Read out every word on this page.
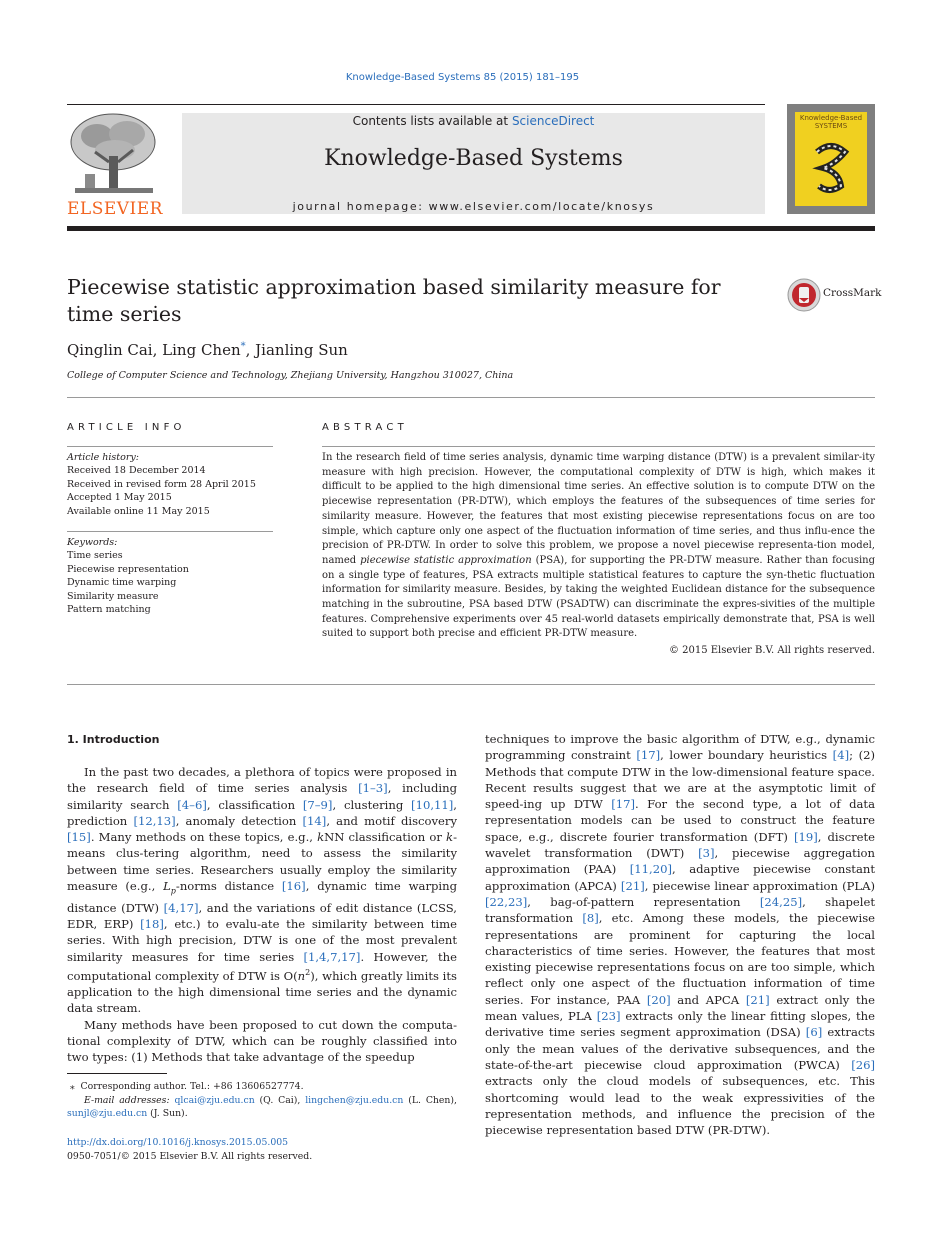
Knowledge-Based Systems 85 (2015) 181–195
ELSEVIER
Contents lists available at ScienceDirect
Knowledge-Based Systems
journal homepage: www.elsevier.com/locate/knosys
Knowledge-Based SYSTEMS
Piecewise statistic approximation based similarity measure for time series
CrossMark
Qinglin Cai, Ling Chen*, Jianling Sun
College of Computer Science and Technology, Zhejiang University, Hangzhou 310027, China
ARTICLE INFO
Article history:
Received 18 December 2014
Received in revised form 28 April 2015
Accepted 1 May 2015
Available online 11 May 2015
Keywords:
Time series
Piecewise representation
Dynamic time warping
Similarity measure
Pattern matching
ABSTRACT
In the research field of time series analysis, dynamic time warping distance (DTW) is a prevalent similar-ity measure with high precision. However, the computational complexity of DTW is high, which makes it difficult to be applied to the high dimensional time series. An effective solution is to compute DTW on the piecewise representation (PR-DTW), which employs the features of the subsequences of time series for similarity measure. However, the features that most existing piecewise representations focus on are too simple, which capture only one aspect of the fluctuation information of time series, and thus influ-ence the precision of PR-DTW. In order to solve this problem, we propose a novel piecewise representa-tion model, named piecewise statistic approximation (PSA), for supporting the PR-DTW measure. Rather than focusing on a single type of features, PSA extracts multiple statistical features to capture the syn-thetic fluctuation information for similarity measure. Besides, by taking the weighted Euclidean distance for the subsequence matching in the subroutine, PSA based DTW (PSADTW) can discriminate the expres-sivities of the multiple features. Comprehensive experiments over 45 real-world datasets empirically demonstrate that, PSA is well suited to support both precise and efficient PR-DTW measure.
© 2015 Elsevier B.V. All rights reserved.
1. Introduction

In the past two decades, a plethora of topics were proposed in the research field of time series analysis [1–3], including similarity search [4–6], classification [7–9], clustering [10,11], prediction [12,13], anomaly detection [14], and motif discovery [15]. Many methods on these topics, e.g., kNN classification or k-means clus-tering algorithm, need to assess the similarity between time series. Researchers usually employ the similarity measure (e.g., $L_p$-norms distance [16], dynamic time warping distance (DTW) [4,17], and the variations of edit distance (LCSS, EDR, ERP) [18], etc.) to evalu-ate the similarity between time series. With high precision, DTW is one of the most prevalent similarity measures for time series [1,4,7,17]. However, the computational complexity of DTW is $O(n^2)$, which greatly limits its application to the high dimensional time series and the dynamic data stream.

Many methods have been proposed to cut down the computa-tional complexity of DTW, which can be roughly classified into two types: (1) Methods that take advantage of the speedup

techniques to improve the basic algorithm of DTW, e.g., dynamic programming constraint [17], lower boundary heuristics [4]; (2) Methods that compute DTW in the low-dimensional feature space. Recent results suggest that we are at the asymptotic limit of speed-ing up DTW [17]. For the second type, a lot of data representation models can be used to construct the feature space, e.g., discrete fourier transformation (DFT) [19], discrete wavelet transformation (DWT) [3], piecewise aggregation approximation (PAA) [11,20], adaptive piecewise constant approximation (APCA) [21], piecewise linear approximation (PLA) [22,23], bag-of-pattern representation [24,25], shapelet transformation [8], etc. Among these models, the piecewise representations are prominent for capturing the local characteristics of time series. However, the features that most existing piecewise representations focus on are too simple, which reflect only one aspect of the fluctuation information of time series. For instance, PAA [20] and APCA [21] extract only the mean values, PLA [23] extracts only the linear fitting slopes, the derivative time series segment approximation (DSA) [6] extracts only the mean values of the derivative subsequences, and the state-of-the-art piecewise cloud approximation (PWCA) [26] extracts only the cloud models of subsequences, etc. This shortcoming would lead to the weak expressivities of the representation methods, and influence the precision of the piecewise representation based DTW (PR-DTW).

⁎ Corresponding author. Tel.: +86 13606527774.
E-mail addresses: qlcai@zju.edu.cn (Q. Cai), lingchen@zju.edu.cn (L. Chen),
sunjl@zju.edu.cn (J. Sun).
http://dx.doi.org/10.1016/j.knosys.2015.05.005
0950-7051/© 2015 Elsevier B.V. All rights reserved.
